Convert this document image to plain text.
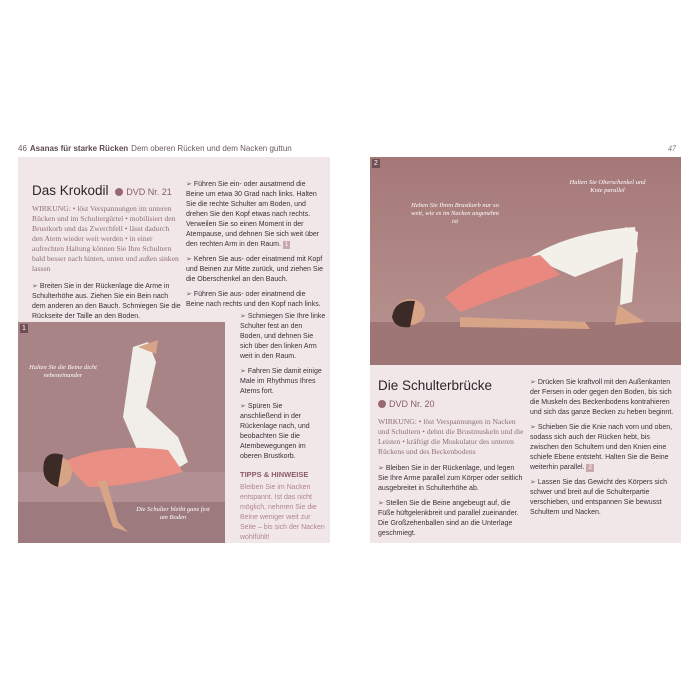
46 Asanas für starke Rücken Dem oberen Rücken und dem Nacken guttun	47
Das Krokodil DVD Nr. 21
WIRKUNG: • löst Verspannungen im unteren Rücken und im Schultergürtel • mobilisiert den Brustkorb und das Zwerchfell • lässt dadurch den Atem wieder weit werden • in einer aufrechten Haltung können Sie Ihre Schultern bald besser nach hinten, unten und außen sinken lassen
➢ Breiten Sie in der Rückenlage die Arme in Schulterhöhe aus. Ziehen Sie ein Bein nach dem anderen an den Bauch. Schmiegen Sie die Rückseite der Taille an den Boden.
➢ Führen Sie ein- oder ausatmend die Beine um etwa 30 Grad nach links. Halten Sie die rechte Schulter am Boden, und drehen Sie den Kopf etwas nach rechts. Verweilen Sie so einen Moment in der Atempause, und dehnen Sie sich weit über den rechten Arm in den Raum. 1
➢ Kehren Sie aus- oder einatmend mit Kopf und Beinen zur Mitte zurück, und ziehen Sie die Oberschenkel an den Bauch.
➢ Führen Sie aus- oder einatmend die Beine nach rechts und den Kopf nach links.
➢ Schmiegen Sie Ihre linke Schulter fest an den Boden, und dehnen Sie sich über den linken Arm weit in den Raum.
➢ Fahren Sie damit einige Male im Rhythmus Ihres Atems fort.
➢ Spüren Sie anschließend in der Rückenlage nach, und beobachten Sie die Atembewegungen im oberen Brustkorb.
TIPPS & HINWEISE
Bleiben Sie im Nacken entspannt. Ist das nicht möglich, nehmen Sie die Beine weniger weit zur Seite – bis sich der Nacken wohlfühlt!
1
Halten Sie die Beine dicht nebeneinander
Die Schulter bleibt ganz fest am Boden
2
Heben Sie Ihren Brustkorb nur so weit, wie es im Nacken angenehm ist
Halten Sie Oberschenkel und Knie parallel
Die Schulterbrücke
DVD Nr. 20
WIRKUNG: • löst Verspannungen in Nacken und Schultern • dehnt die Brustmuskeln und die Leisten • kräftigt die Muskulatur des unteren Rückens und des Beckenbodens
➢ Bleiben Sie in der Rückenlage, und legen Sie Ihre Arme parallel zum Körper oder seitlich ausgebreitet in Schulterhöhe ab.
➢ Stellen Sie die Beine angebeugt auf, die Füße hüftgelenkbreit und parallel zueinander. Die Großzehenballen sind an die Unterlage geschmiegt.
➢ Drücken Sie kraftvoll mit den Außenkanten der Fersen in oder gegen den Boden, bis sich die Muskeln des Beckenbodens kontrahieren und sich das ganze Becken zu heben beginnt.
➢ Schieben Sie die Knie nach vorn und oben, sodass sich auch der Rücken hebt, bis zwischen den Schultern und den Knien eine schiefe Ebene entsteht. Halten Sie die Beine weiterhin parallel. 2
➢ Lassen Sie das Gewicht des Körpers sich schwer und breit auf die Schulterpartie verschieben, und entspannen Sie bewusst Schultern und Nacken.
